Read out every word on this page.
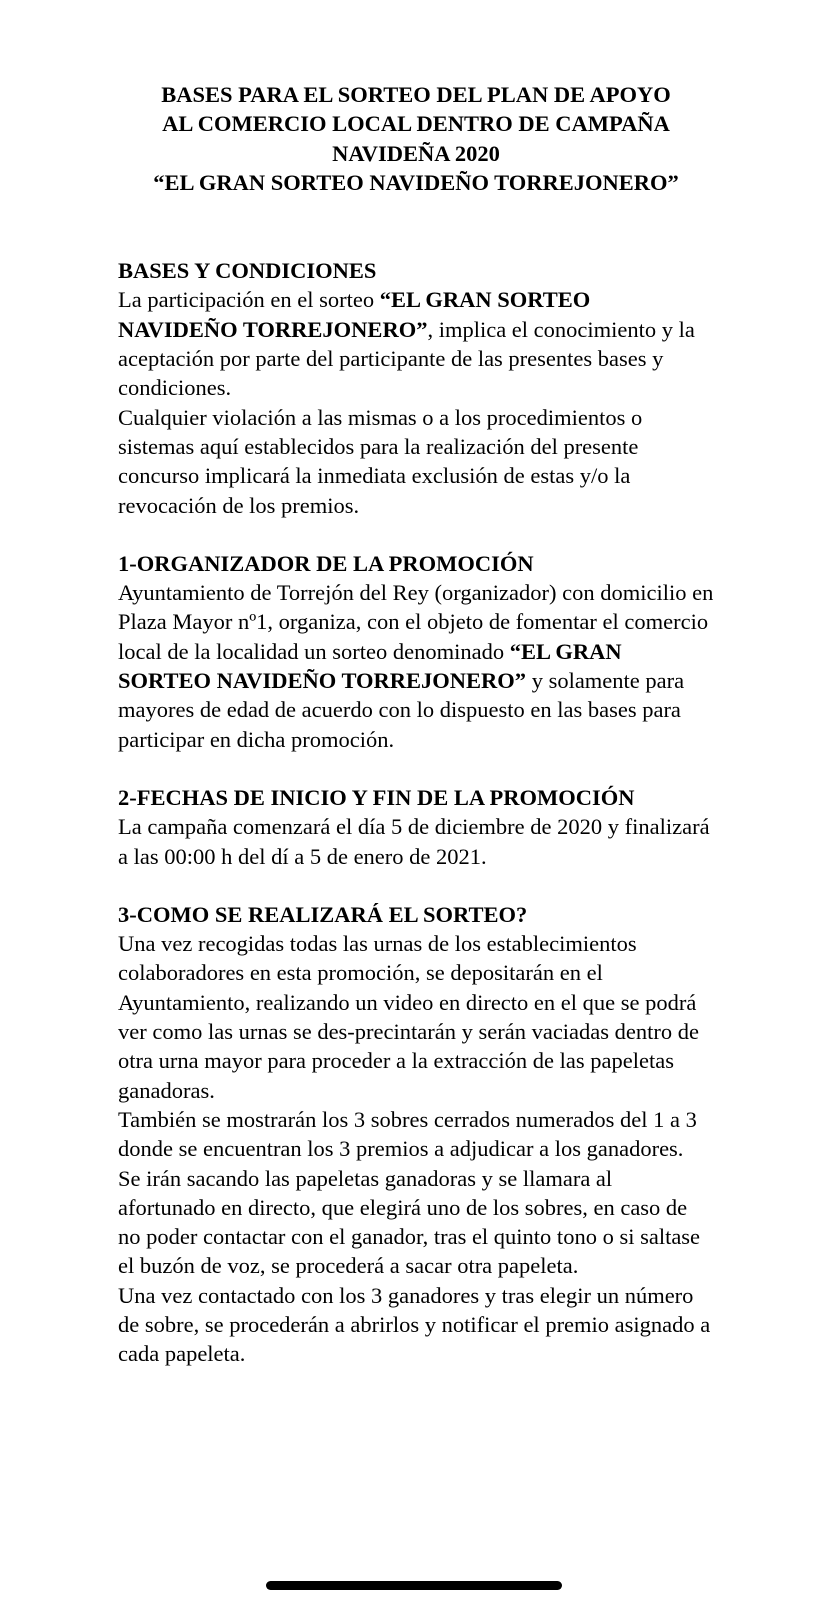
BASES PARA EL SORTEO DEL PLAN DE APOYO

AL COMERCIO LOCAL DENTRO DE CAMPAÑA

NAVIDEÑA 2020

“EL GRAN SORTEO NAVIDEÑO TORREJONERO”

BASES Y CONDICIONES

La participación en el sorteo “EL GRAN SORTEO NAVIDEÑO TORREJONERO”, implica el conocimiento y la aceptación por parte del participante de las presentes bases y condiciones.

Cualquier violación a las mismas o a los procedimientos o sistemas aquí establecidos para la realización del presente concurso implicará la inmediata exclusión de estas y/o la revocación de los premios.

1-ORGANIZADOR DE LA PROMOCIÓN

Ayuntamiento de Torrejón del Rey (organizador) con domicilio en Plaza Mayor nº1, organiza, con el objeto de fomentar el comercio local de la localidad un sorteo denominado “EL GRAN SORTEO NAVIDEÑO TORREJONERO” y solamente para mayores de edad de acuerdo con lo dispuesto en las bases para participar en dicha promoción.

2-FECHAS DE INICIO Y FIN DE LA PROMOCIÓN

La campaña comenzará el día 5 de diciembre de 2020 y finalizará a las 00:00 h del dí a 5 de enero de 2021.

3-COMO SE REALIZARÁ EL SORTEO?

Una vez recogidas todas las urnas de los establecimientos colaboradores en esta promoción, se depositarán en el Ayuntamiento, realizando un video en directo en el que se podrá ver como las urnas se des-precintarán y serán vaciadas dentro de otra urna mayor para proceder a la extracción de las papeletas ganadoras.

También se mostrarán los 3 sobres cerrados numerados del 1 a 3 donde se encuentran los 3 premios a adjudicar a los ganadores.

Se irán sacando las papeletas ganadoras y se llamara al afortunado en directo, que elegirá uno de los sobres, en caso de no poder contactar con el ganador, tras el quinto tono o si saltase el buzón de voz, se procederá a sacar otra papeleta.

Una vez contactado con los 3 ganadores y tras elegir un número de sobre, se procederán a abrirlos y notificar el premio asignado a cada papeleta.
